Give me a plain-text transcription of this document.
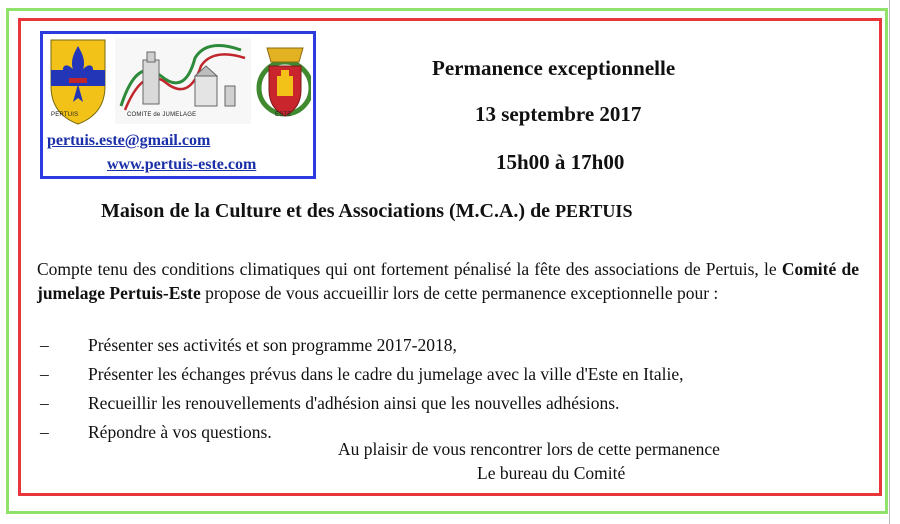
PERTUIS	COMITE de JUMELAGE	ESTE
pertuis.este@gmail.com
www.pertuis-este.com
Permanence exceptionnelle
13 septembre 2017
15h00 à 17h00
Maison de la Culture et des Associations (M.C.A.) de PERTUIS
Compte tenu des conditions climatiques qui ont fortement pénalisé la fête des associations de Pertuis, le Comité de jumelage Pertuis-Este propose de vous accueillir lors de cette permanence exceptionnelle pour :
– Présenter ses activités et son programme 2017-2018,
– Présenter les échanges prévus dans le cadre du jumelage avec la ville d'Este en Italie,
– Recueillir les renouvellements d'adhésion ainsi que les nouvelles adhésions.
– Répondre à vos questions.
Au plaisir de vous rencontrer lors de cette permanence
Le bureau du Comité
